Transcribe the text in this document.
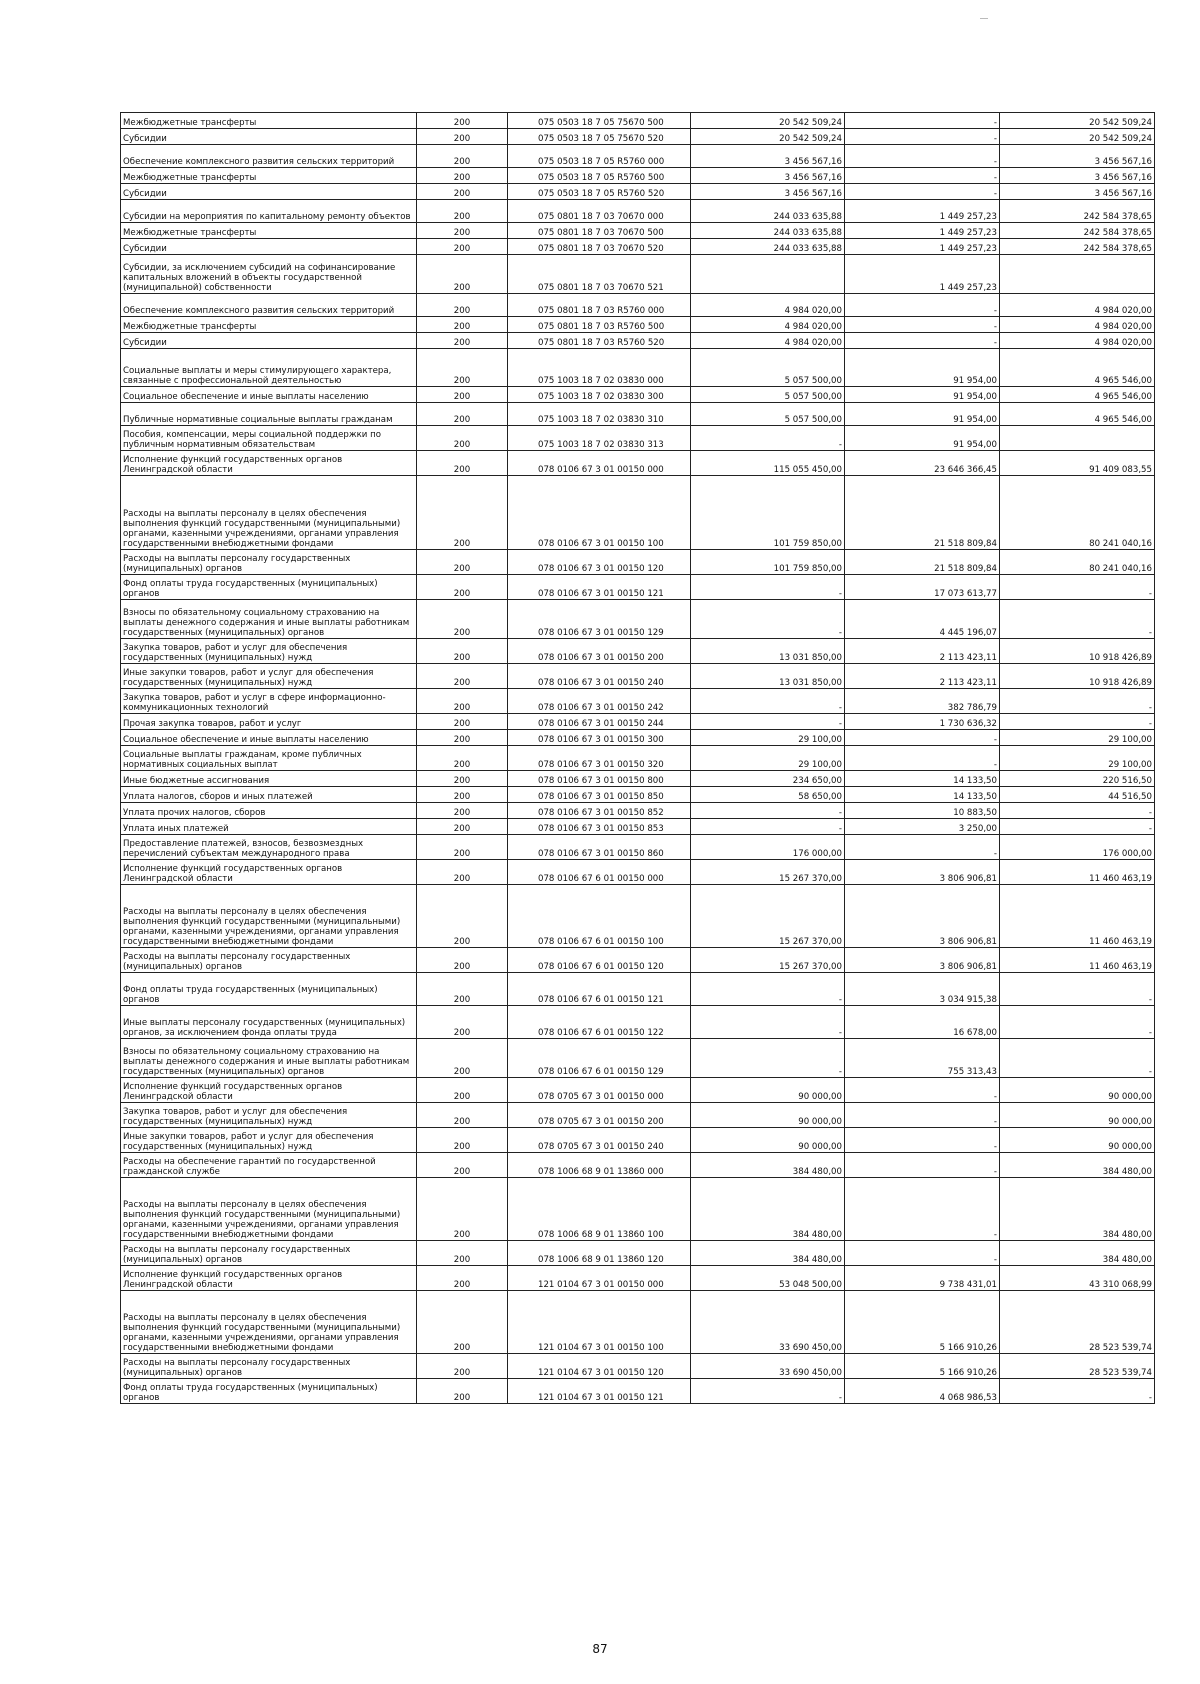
Межбюджетные трансферты	200	075 0503 18 7 05 75670 500	20 542 509,24	-	20 542 509,24
Субсидии	200	075 0503 18 7 05 75670 520	20 542 509,24	-	20 542 509,24
Обеспечение комплексного развития сельских территорий	200	075 0503 18 7 05 R5760 000	3 456 567,16	-	3 456 567,16
Межбюджетные трансферты	200	075 0503 18 7 05 R5760 500	3 456 567,16	-	3 456 567,16
Субсидии	200	075 0503 18 7 05 R5760 520	3 456 567,16	-	3 456 567,16
Субсидии на мероприятия по капитальному ремонту объектов	200	075 0801 18 7 03 70670 000	244 033 635,88	1 449 257,23	242 584 378,65
Межбюджетные трансферты	200	075 0801 18 7 03 70670 500	244 033 635,88	1 449 257,23	242 584 378,65
Субсидии	200	075 0801 18 7 03 70670 520	244 033 635,88	1 449 257,23	242 584 378,65
Субсидии, за исключением субсидий на софинансирование капитальных вложений в объекты государственной (муниципальной) собственности	200	075 0801 18 7 03 70670 521		1 449 257,23	
Обеспечение комплексного развития сельских территорий	200	075 0801 18 7 03 R5760 000	4 984 020,00	-	4 984 020,00
Межбюджетные трансферты	200	075 0801 18 7 03 R5760 500	4 984 020,00	-	4 984 020,00
Субсидии	200	075 0801 18 7 03 R5760 520	4 984 020,00	-	4 984 020,00
Социальные выплаты и меры стимулирующего характера, связанные с профессиональной деятельностью	200	075 1003 18 7 02 03830 000	5 057 500,00	91 954,00	4 965 546,00
Социальное обеспечение и иные выплаты населению	200	075 1003 18 7 02 03830 300	5 057 500,00	91 954,00	4 965 546,00
Публичные нормативные социальные выплаты гражданам	200	075 1003 18 7 02 03830 310	5 057 500,00	91 954,00	4 965 546,00
Пособия, компенсации, меры социальной поддержки по публичным нормативным обязательствам	200	075 1003 18 7 02 03830 313	-	91 954,00	
Исполнение функций государственных органов Ленинградской области	200	078 0106 67 3 01 00150 000	115 055 450,00	23 646 366,45	91 409 083,55
Расходы на выплаты персоналу в целях обеспечения выполнения функций государственными (муниципальными) органами, казенными учреждениями, органами управления государственными внебюджетными фондами	200	078 0106 67 3 01 00150 100	101 759 850,00	21 518 809,84	80 241 040,16
Расходы на выплаты персоналу государственных (муниципальных) органов	200	078 0106 67 3 01 00150 120	101 759 850,00	21 518 809,84	80 241 040,16
Фонд оплаты труда государственных (муниципальных) органов	200	078 0106 67 3 01 00150 121	-	17 073 613,77	-
Взносы по обязательному социальному страхованию на выплаты денежного содержания и иные выплаты работникам государственных (муниципальных) органов	200	078 0106 67 3 01 00150 129	-	4 445 196,07	-
Закупка товаров, работ и услуг для обеспечения государственных (муниципальных) нужд	200	078 0106 67 3 01 00150 200	13 031 850,00	2 113 423,11	10 918 426,89
Иные закупки товаров, работ и услуг для обеспечения государственных (муниципальных) нужд	200	078 0106 67 3 01 00150 240	13 031 850,00	2 113 423,11	10 918 426,89
Закупка товаров, работ и услуг в сфере информационно-коммуникационных технологий	200	078 0106 67 3 01 00150 242	-	382 786,79	-
Прочая закупка товаров, работ и услуг	200	078 0106 67 3 01 00150 244	-	1 730 636,32	-
Социальное обеспечение и иные выплаты населению	200	078 0106 67 3 01 00150 300	29 100,00	-	29 100,00
Социальные выплаты гражданам, кроме публичных нормативных социальных выплат	200	078 0106 67 3 01 00150 320	29 100,00	-	29 100,00
Иные бюджетные ассигнования	200	078 0106 67 3 01 00150 800	234 650,00	14 133,50	220 516,50
Уплата налогов, сборов и иных платежей	200	078 0106 67 3 01 00150 850	58 650,00	14 133,50	44 516,50
Уплата прочих налогов, сборов	200	078 0106 67 3 01 00150 852	-	10 883,50	-
Уплата иных платежей	200	078 0106 67 3 01 00150 853	-	3 250,00	-
Предоставление платежей, взносов, безвозмездных перечислений субъектам международного права	200	078 0106 67 3 01 00150 860	176 000,00	-	176 000,00
Исполнение функций государственных органов Ленинградской области	200	078 0106 67 6 01 00150 000	15 267 370,00	3 806 906,81	11 460 463,19
Расходы на выплаты персоналу в целях обеспечения выполнения функций государственными (муниципальными) органами, казенными учреждениями, органами управления государственными внебюджетными фондами	200	078 0106 67 6 01 00150 100	15 267 370,00	3 806 906,81	11 460 463,19
Расходы на выплаты персоналу государственных (муниципальных) органов	200	078 0106 67 6 01 00150 120	15 267 370,00	3 806 906,81	11 460 463,19
Фонд оплаты труда государственных (муниципальных) органов	200	078 0106 67 6 01 00150 121	-	3 034 915,38	-
Иные выплаты персоналу государственных (муниципальных) органов, за исключением фонда оплаты труда	200	078 0106 67 6 01 00150 122	-	16 678,00	-
Взносы по обязательному социальному страхованию на выплаты денежного содержания и иные выплаты работникам государственных (муниципальных) органов	200	078 0106 67 6 01 00150 129	-	755 313,43	-
Исполнение функций государственных органов Ленинградской области	200	078 0705 67 3 01 00150 000	90 000,00	-	90 000,00
Закупка товаров, работ и услуг для обеспечения государственных (муниципальных) нужд	200	078 0705 67 3 01 00150 200	90 000,00	-	90 000,00
Иные закупки товаров, работ и услуг для обеспечения государственных (муниципальных) нужд	200	078 0705 67 3 01 00150 240	90 000,00	-	90 000,00
Расходы на обеспечение гарантий по государственной гражданской службе	200	078 1006 68 9 01 13860 000	384 480,00	-	384 480,00
Расходы на выплаты персоналу в целях обеспечения выполнения функций государственными (муниципальными) органами, казенными учреждениями, органами управления государственными внебюджетными фондами	200	078 1006 68 9 01 13860 100	384 480,00	-	384 480,00
Расходы на выплаты персоналу государственных (муниципальных) органов	200	078 1006 68 9 01 13860 120	384 480,00	-	384 480,00
Исполнение функций государственных органов Ленинградской области	200	121 0104 67 3 01 00150 000	53 048 500,00	9 738 431,01	43 310 068,99
Расходы на выплаты персоналу в целях обеспечения выполнения функций государственными (муниципальными) органами, казенными учреждениями, органами управления государственными внебюджетными фондами	200	121 0104 67 3 01 00150 100	33 690 450,00	5 166 910,26	28 523 539,74
Расходы на выплаты персоналу государственных (муниципальных) органов	200	121 0104 67 3 01 00150 120	33 690 450,00	5 166 910,26	28 523 539,74
Фонд оплаты труда государственных (муниципальных) органов	200	121 0104 67 3 01 00150 121	-	4 068 986,53	-
87
